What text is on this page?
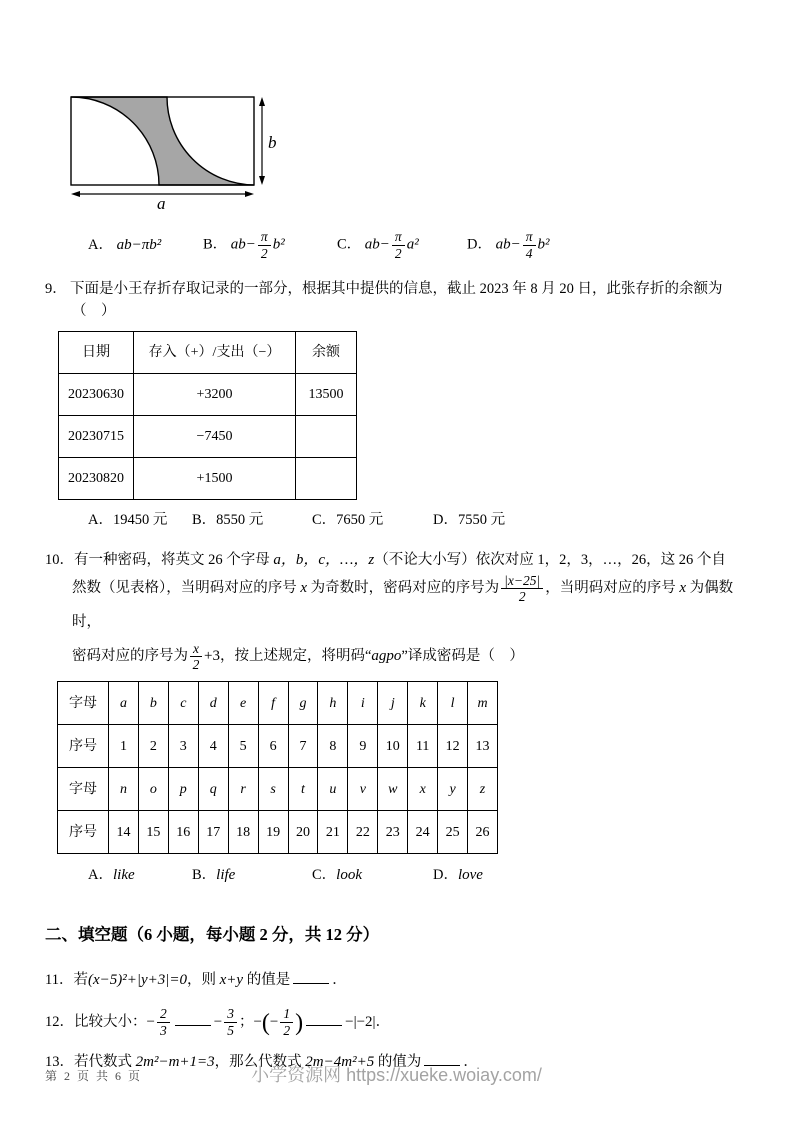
b
a
A． ab−πb²	B． $ab- \frac{\pi}{2} b^2$	C． $ab- \frac{\pi}{2} a^2$	D． $ab- \frac{\pi}{4} b^2$
9． 下面是小王存折存取记录的一部分，根据其中提供的信息，截止 2023 年 8 月 20 日，此张存折的余额为
（　）
日期	存入（+）/支出（−）	余额
20230630	+3200	13500
20230715	−7450	
20230820	+1500	
A．19450 元	B．8550 元	C．7650 元	D．7550 元
10．有一种密码，将英文 26 个字母 a，b，c，…，z（不论大小写）依次对应 1，2，3，…，26，这 26 个自
然数（见表格），当明码对应的序号 x 为奇数时，密码对应的序号为 $\frac{|x-25|}{2}$ ，当明码对应的序号 x 为偶数时，
密码对应的序号为 $\frac{x}{2} +3$，按上述规定，将明码“agpo”译成密码是（　）
字母	a	b	c	d	e	f	g	h	i	j	k	l	m
序号	1	2	3	4	5	6	7	8	9	10	11	12	13
字母	n	o	p	q	r	s	t	u	v	w	x	y	z
序号	14	15	16	17	18	19	20	21	22	23	24	25	26
A．like	B．life	C．look	D．love
二、填空题（6 小题，每小题 2 分，共 12 分）
11．若(x−5)²+|y+3|=0，则 x+y 的值是	．
12．比较大小：− $\frac{2}{3}$	− $\frac{3}{5}$ ；−(− $\frac{1}{2}$ )	−|−2|．
13．若代数式 2m²−m+1=3，那么代数式 2m−4m²+5 的值为	．
第 2 页 共 6 页	小学资源网 https://xueke.woiay.com/
